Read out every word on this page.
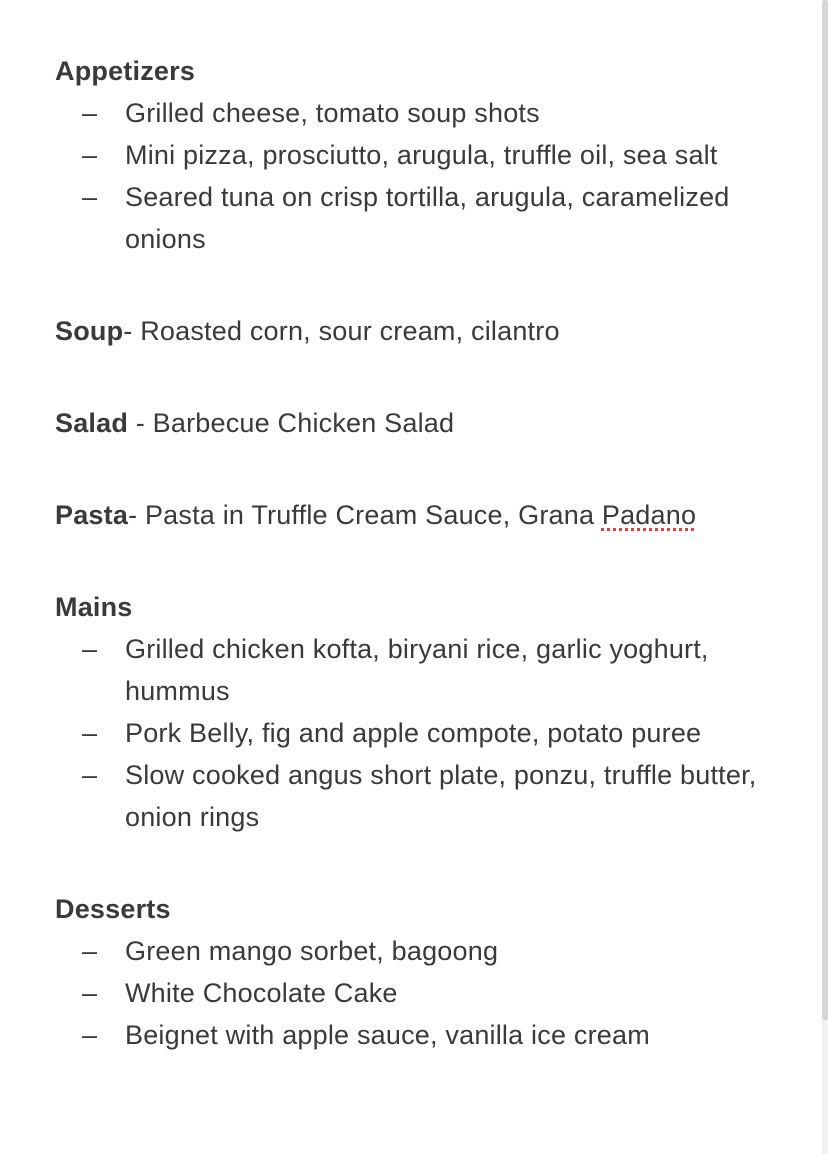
Appetizers

– Grilled cheese, tomato soup shots
– Mini pizza, prosciutto, arugula, truffle oil, sea salt
– Seared tuna on crisp tortilla, arugula, caramelized onions

Soup- Roasted corn, sour cream, cilantro

Salad - Barbecue Chicken Salad

Pasta- Pasta in Truffle Cream Sauce, Grana Padano

Mains

– Grilled chicken kofta, biryani rice, garlic yoghurt, hummus
– Pork Belly, fig and apple compote, potato puree
– Slow cooked angus short plate, ponzu, truffle butter, onion rings

Desserts

– Green mango sorbet, bagoong
– White Chocolate Cake
– Beignet with apple sauce, vanilla ice cream
